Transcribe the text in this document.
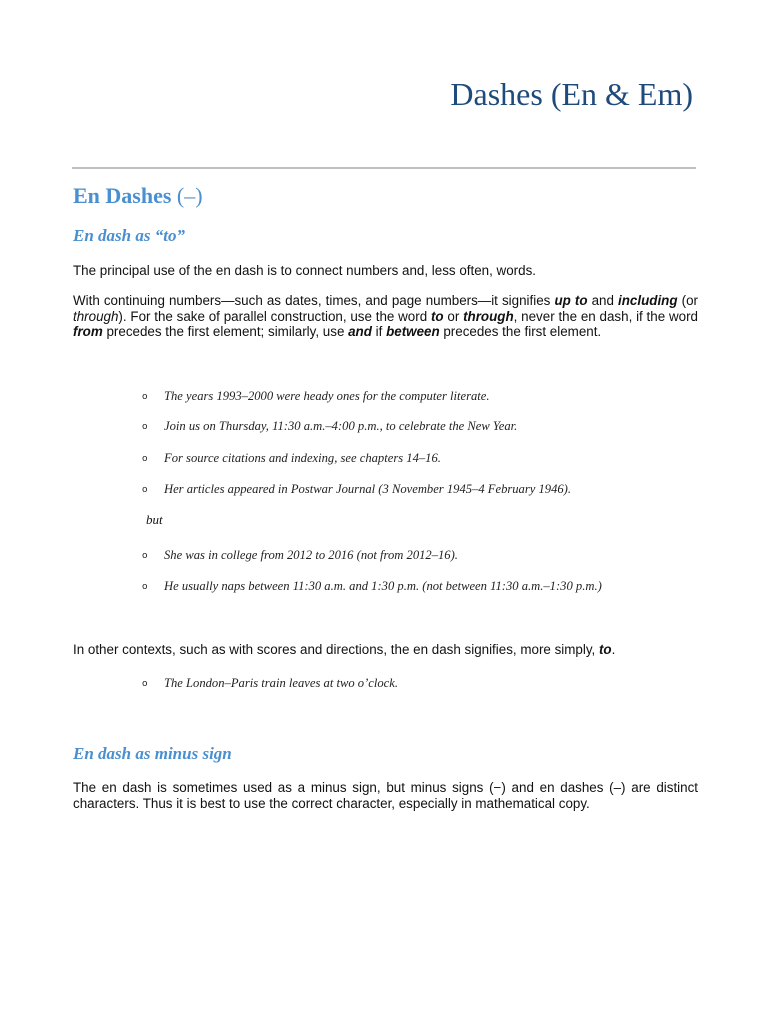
Dashes (En & Em)
En Dashes (–)
En dash as “to”

The principal use of the en dash is to connect numbers and, less often, words.

With continuing numbers—such as dates, times, and page numbers—it signifies up to and including (or through). For the sake of parallel construction, use the word to or through, never the en dash, if the word from precedes the first element; similarly, use and if between precedes the first element.

o The years 1993–2000 were heady ones for the computer literate.

o Join us on Thursday, 11:30 a.m.–4:00 p.m., to celebrate the New Year.

o For source citations and indexing, see chapters 14–16.

o Her articles appeared in Postwar Journal (3 November 1945–4 February 1946).

but

o She was in college from 2012 to 2016 (not from 2012–16).

o He usually naps between 11:30 a.m. and 1:30 p.m. (not between 11:30 a.m.–1:30 p.m.)

In other contexts, such as with scores and directions, the en dash signifies, more simply, to.

o The London–Paris train leaves at two o’clock.

En dash as minus sign

The en dash is sometimes used as a minus sign, but minus signs (−) and en dashes (–) are distinct characters. Thus it is best to use the correct character, especially in mathematical copy.
